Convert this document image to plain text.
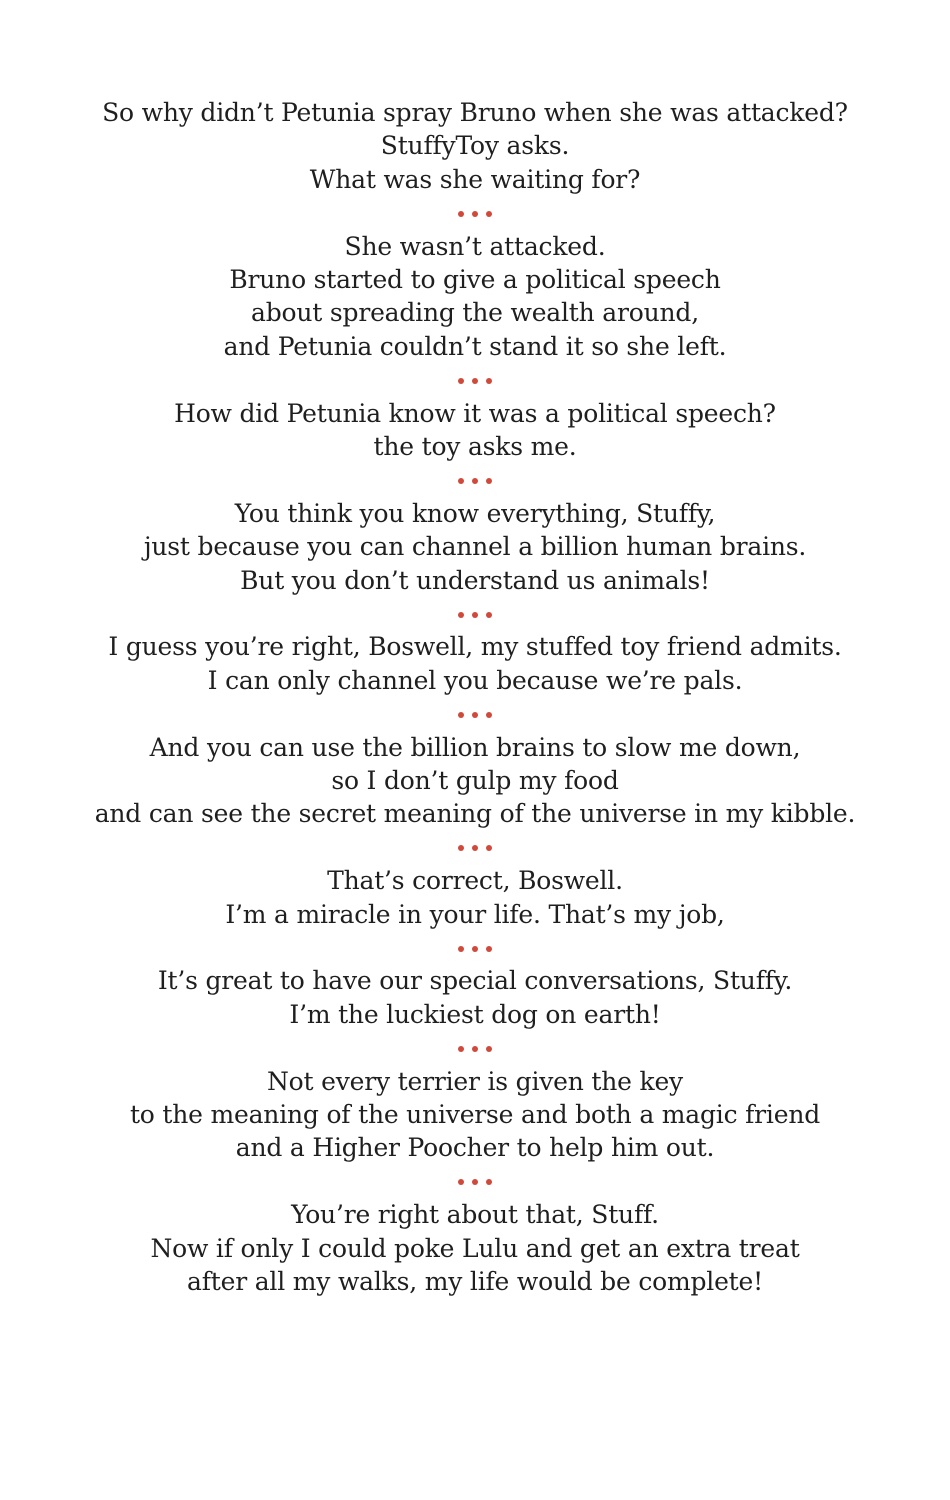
So why didn’t Petunia spray Bruno when she was attacked?
StuffyToy asks.
What was she waiting for?
She wasn’t attacked.
Bruno started to give a political speech
about spreading the wealth around,
and Petunia couldn’t stand it so she left.
How did Petunia know it was a political speech?
the toy asks me.
You think you know everything, Stuffy,
just because you can channel a billion human brains.
But you don’t understand us animals!
I guess you’re right, Boswell, my stuffed toy friend admits.
I can only channel you because we’re pals.
And you can use the billion brains to slow me down,
so I don’t gulp my food
and can see the secret meaning of the universe in my kibble.
That’s correct, Boswell.
I’m a miracle in your life. That’s my job,
It’s great to have our special conversations, Stuffy.
I’m the luckiest dog on earth!
Not every terrier is given the key
to the meaning of the universe and both a magic friend
and a Higher Poocher to help him out.
You’re right about that, Stuff.
Now if only I could poke Lulu and get an extra treat
after all my walks, my life would be complete!
